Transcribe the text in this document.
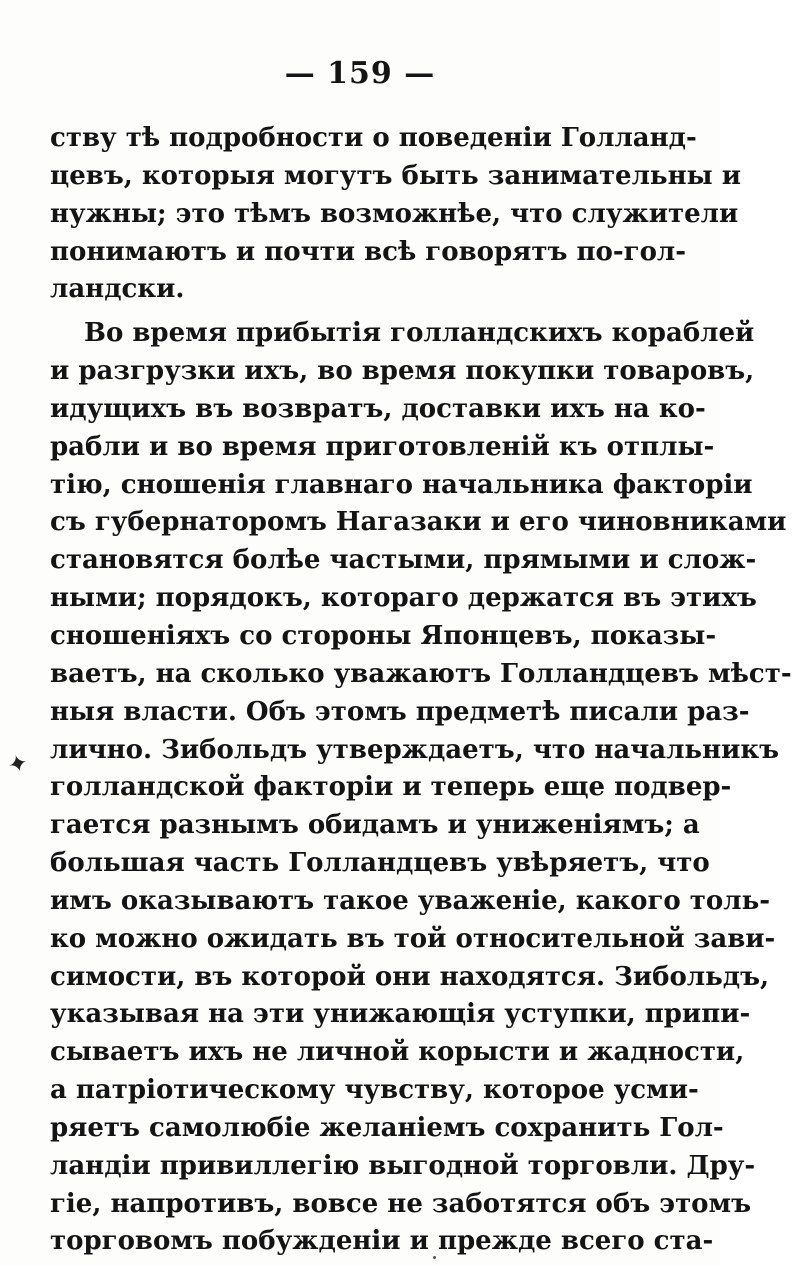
— 159 —
ству тѣ подробности о поведенiи Голланд-
цевъ, которыя могутъ быть занимательны и
нужны; это тѣмъ возможнѣе, что служители
понимаютъ и почти всѣ говорятъ по-гол-
ландски.
Во время прибытiя голландскихъ кораблей
и разгрузки ихъ, во время покупки товаровъ,
идущихъ въ возвратъ, доставки ихъ на ко-
рабли и во время приготовленiй къ отплы-
тiю, сношенiя главнаго начальника факторiи
съ губернаторомъ Нагазаки и его чиновниками
становятся болѣе частыми, прямыми и слож-
ными; порядокъ, котораго держатся въ этихъ
сношенiяхъ со стороны Японцевъ, показы-
ваетъ, на сколько уважаютъ Голландцевъ мѣст-
ныя власти. Объ этомъ предметѣ писали раз-
лично. Зибольдъ утверждаетъ, что начальникъ
голландской факторiи и теперь еще подвер-
гается разнымъ обидамъ и униженiямъ; а
большая часть Голландцевъ увѣряетъ, что
имъ оказываютъ такое уваженiе, какого толь-
ко можно ожидать въ той относительной зави-
симости, въ которой они находятся. Зибольдъ,
указывая на эти унижающiя уступки, припи-
сываетъ ихъ не личной корысти и жадности,
а патрiотическому чувству, которое усми-
ряетъ самолюбiе желанiемъ сохранить Гол-
ландiи привиллегiю выгодной торговли. Дру-
гiе, напротивъ, вовсе не заботятся объ этомъ
торговомъ побужденiи и прежде всего ста-
✦
